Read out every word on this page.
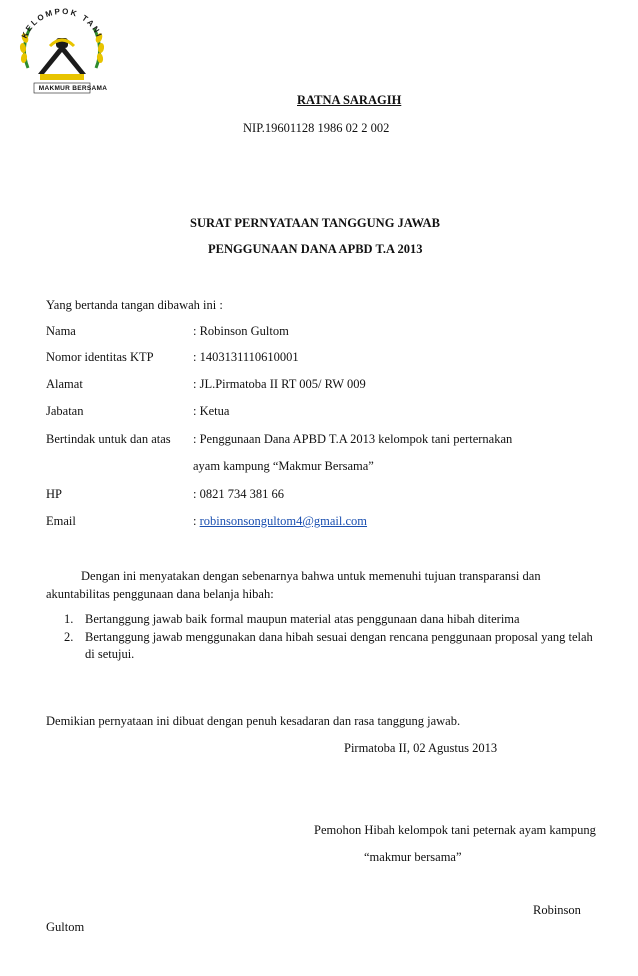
KELOMPOK TANI
MAKMUR BERSAMA
RATNA SARAGIH
NIP.19601128 1986 02 2 002
SURAT PERNYATAAN TANGGUNG JAWAB
PENGGUNAAN DANA APBD T.A 2013
Yang bertanda tangan dibawah ini :
Nama	: Robinson Gultom
Nomor identitas KTP	: 1403131110610001
Alamat	: JL.Pirmatoba II RT 005/ RW 009
Jabatan	: Ketua
Bertindak untuk dan atas : Penggunaan Dana APBD T.A 2013 kelompok tani perternakan
ayam kampung “Makmur Bersama”
HP	: 0821 734 381 66
Email	: robinsonsongultom4@gmail.com
Dengan ini menyatakan dengan sebenarnya bahwa untuk memenuhi tujuan transparansi dan
akuntabilitas penggunaan dana belanja hibah:
1. Bertanggung jawab baik formal maupun material atas penggunaan dana hibah diterima
2. Bertanggung jawab menggunakan dana hibah sesuai dengan rencana penggunaan proposal yang telah
di setujui.
Demikian pernyataan ini dibuat dengan penuh kesadaran dan rasa tanggung jawab.
Pirmatoba II, 02 Agustus 2013
Pemohon Hibah kelompok tani peternak ayam kampung
“makmur bersama”
Robinson
Gultom
